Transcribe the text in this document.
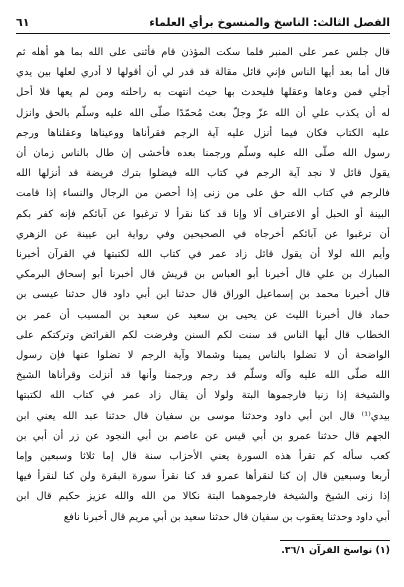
الفصل الثالث: الناسخ والمنسوخ برأي العلماء
٦١
قال جلس عمر على المنبر فلما سكت المؤذن قام فأثنى على الله بما هو أهله ثم
قال أما بعد أيها الناس فإني قائل مقالة قد قدر لي أن أقولها لا أدري لعلها بين يدي
أجلي فمن وعاها وعقلها فليحدث بها حيث انتهت به راحلته ومن لم يعها فلا أحل
له أن يكذب علي أن الله عزّ وجلّ بعث مُحمّدًا صلّى الله عليه وسلّم بالحق وانزل
عليه الكتاب فكان فيما أنزل عليه آية الرجم فقرأناها ووعيناها وعقلناها ورجم
رسول الله صلّى الله عليه وسلّم ورجمنا بعده فأخشى إن طال بالناس زمان أن
يقول قائل لا نجد آية الرجم في كتاب الله فيضلوا بترك فريضة قد أنزلها الله
فالرجم في كتاب الله حق على من زنى إذا أحصن من الرجال والنساء إذا قامت
البينة أو الحبل أو الاعتراف ألا وإنا قد كنا نقرأ لا ترغبوا عن آبائكم فإنه كفر بكم
أن ترغبوا عن آبائكم أخرجاه في الصحيحين وفي رواية ابن عيينة عن الزهري
وأيم الله لولا أن يقول قائل زاد عمر في كتاب الله لكتبتها في القرآن أخبرنا
المبارك بن علي قال أخبرنا أبو العباس بن قريش قال أخبرنا أبو إسحاق البرمكي
قال أخبرنا محمد بن إسماعيل الوراق قال حدثنا ابن أبي داود قال حدثنا عيسى بن
حماد قال أخبرنا الليث عن يحيى بن سعيد عن سعيد بن المسيب أن عمر بن
الخطاب قال أيها الناس قد سنت لكم السنن وفرضت لكم الفرائض وتركتكم على
الواضحة أن لا تضلوا بالناس يمينا وشمالا وآية الرجم لا تضلوا عنها فإن رسول
الله صلّى الله عليه وآله وسلّم قد رجم ورجمنا وأنها قد أنزلت وقرأناها الشيخ
والشيخة إذا زنيا فارجموها البتة ولولا أن يقال زاد عمر في كتاب الله لكتبتها
بيدي⁽¹⁾ قال ابن أبي داود وحدثنا موسى بن سفيان قال حدثنا عبد الله يعني ابن
الجهم قال حدثنا عمرو بن أبي قيس عن عاصم بن أبي النجود عن زر أن أبي بن
كعب سأله كم تقرأ هذه السورة يعني الأحزاب سنة قال إما ثلاثا وسبعين وإما
أربعا وسبعين قال إن كنا لنقرأها عمرو قد كنا نقرأ سورة البقرة ولن كنا لنقرأ فيها
إذا زنى الشيخ والشيخة فارجموهما البتة نكالا من الله والله عزيز حكيم قال ابن
أبي داود وحدثنا يعقوب بن سفيان قال حدثنا سعيد بن أبي مريم قال أخبرنا نافع
(١) نواسخ القرآن ٣٦/١.
